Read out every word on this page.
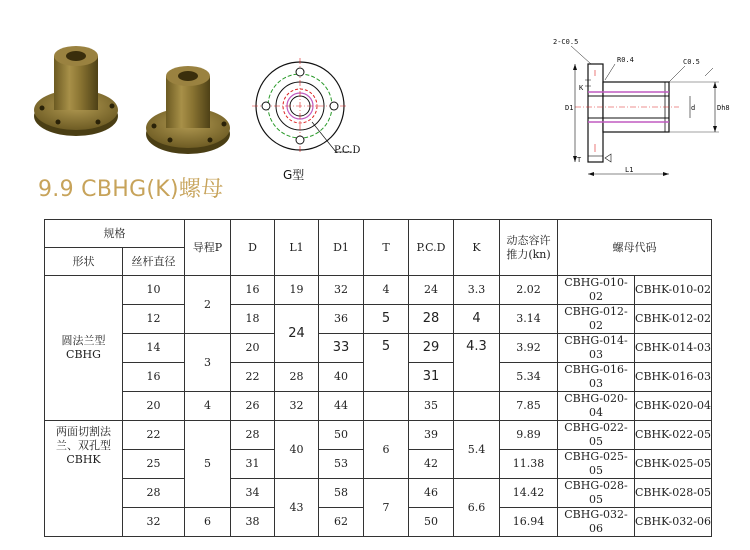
P.C.D
G型
D1	Dh8
d
L1
T
K
2-C0.5
R0.4	C0.5
9.9 CBHG(K)螺母
规格		导程P	D	L1	D1	T	P.C.D	K	动态容许推力(kn)	螺母代码	
形状	丝杆直径										
圆法兰型CBHG	10	2	16	19	32	4	24	3.3	2.02	CBHG-010-02	CBHK-010-02
	12		18	24	36	5	28	4	3.14	CBHG-012-02	CBHK-012-02
	14	3	20		33	5	29	4.3	3.92	CBHG-014-03	CBHK-014-03
	16		22	28	40		31		5.34	CBHG-016-03	CBHK-016-03
	20	4	26	32	44		35		7.85	CBHG-020-04	CBHK-020-04
两面切割法兰、双孔型CBHK	22	5	28	40	50	6	39	5.4	9.89	CBHG-022-05	CBHK-022-05
	25		31		53		42		11.38	CBHG-025-05	CBHK-025-05
	28		34	43	58	7	46	6.6	14.42	CBHG-028-05	CBHK-028-05
	32	6	38		62		50		16.94	CBHG-032-06	CBHK-032-06
